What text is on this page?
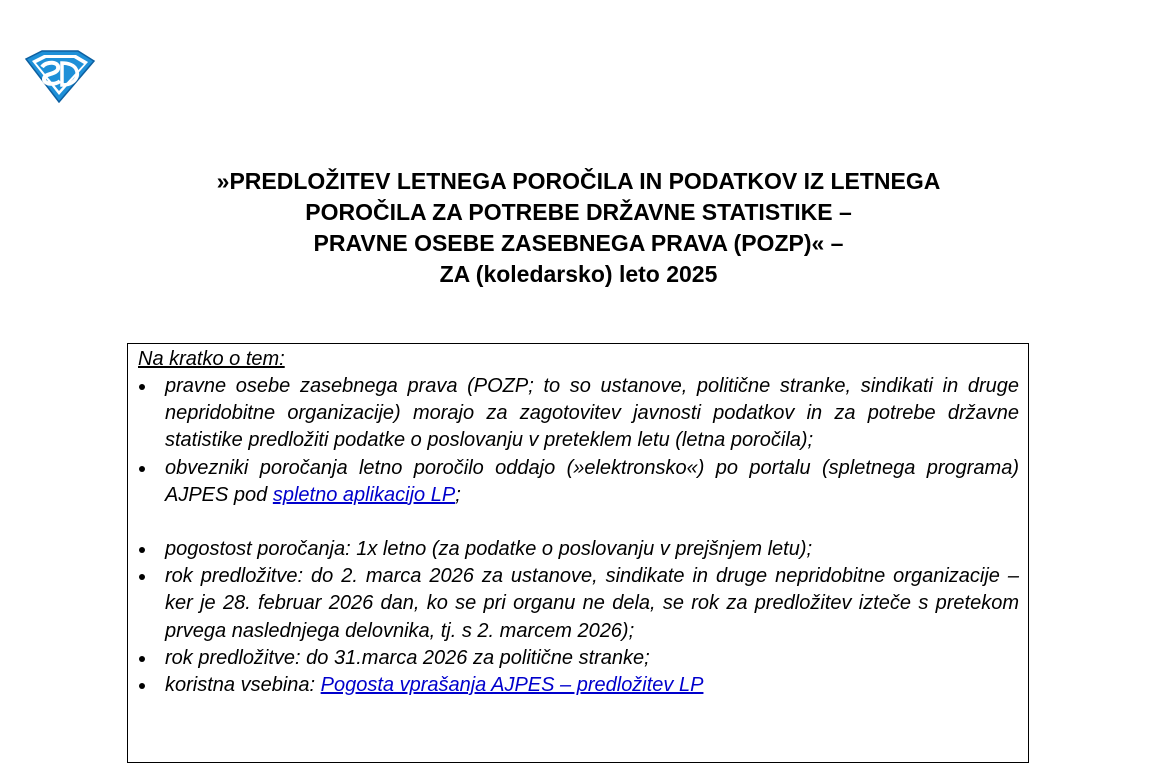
»PREDLOŽITEV LETNEGA POROČILA IN PODATKOV IZ LETNEGA
POROČILA ZA POTREBE DRŽAVNE STATISTIKE –
PRAVNE OSEBE ZASEBNEGA PRAVA (POZP)« –
ZA (koledarsko) leto 2025
Na kratko o tem:
pravne osebe zasebnega prava (POZP; to so ustanove, politične stranke, sindikati in druge nepridobitne organizacije) morajo za zagotovitev javnosti podatkov in za potrebe državne statistike predložiti podatke o poslovanju v preteklem letu (letna poročila);
obvezniki poročanja letno poročilo oddajo (»elektronsko«) po portalu (spletnega programa) AJPES pod spletno aplikacijo LP;
pogostost poročanja: 1x letno (za podatke o poslovanju v prejšnjem letu);
rok predložitve: do 2. marca 2026 za ustanove, sindikate in druge nepridobitne organizacije – ker je 28. februar 2026 dan, ko se pri organu ne dela, se rok za predložitev izteče s pretekom prvega naslednjega delovnika, tj. s 2. marcem 2026);
rok predložitve: do 31.marca 2026 za politične stranke;
koristna vsebina: Pogosta vprašanja AJPES – predložitev LP
